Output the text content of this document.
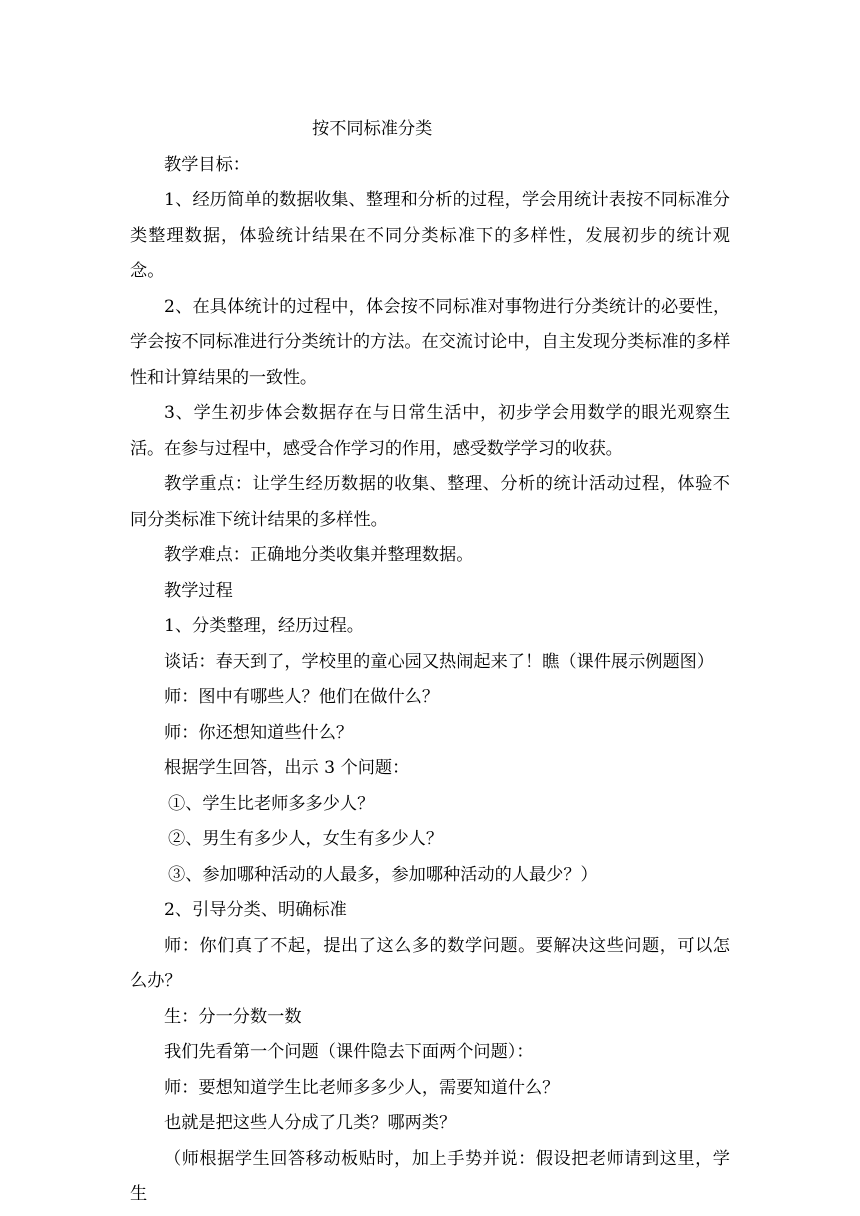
按不同标准分类

教学目标：

1、经历简单的数据收集、整理和分析的过程，学会用统计表按不同标准分类整理数据，体验统计结果在不同分类标准下的多样性，发展初步的统计观念。

2、在具体统计的过程中，体会按不同标准对事物进行分类统计的必要性，学会按不同标准进行分类统计的方法。在交流讨论中，自主发现分类标准的多样性和计算结果的一致性。

3、学生初步体会数据存在与日常生活中，初步学会用数学的眼光观察生活。在参与过程中，感受合作学习的作用，感受数学学习的收获。

教学重点：让学生经历数据的收集、整理、分析的统计活动过程，体验不同分类标准下统计结果的多样性。

教学难点：正确地分类收集并整理数据。

教学过程

1、分类整理，经历过程。

谈话：春天到了，学校里的童心园又热闹起来了！瞧（课件展示例题图）

师：图中有哪些人？他们在做什么？

师：你还想知道些什么？

根据学生回答，出示 3 个问题：

①、学生比老师多多少人？

②、男生有多少人，女生有多少人？

③、参加哪种活动的人最多，参加哪种活动的人最少？）

2、引导分类、明确标准

师：你们真了不起，提出了这么多的数学问题。要解决这些问题，可以怎么办？

生：分一分数一数

我们先看第一个问题（课件隐去下面两个问题）：

师：要想知道学生比老师多多少人，需要知道什么？

也就是把这些人分成了几类？哪两类？

（师根据学生回答移动板贴时，加上手势并说：假设把老师请到这里，学生
